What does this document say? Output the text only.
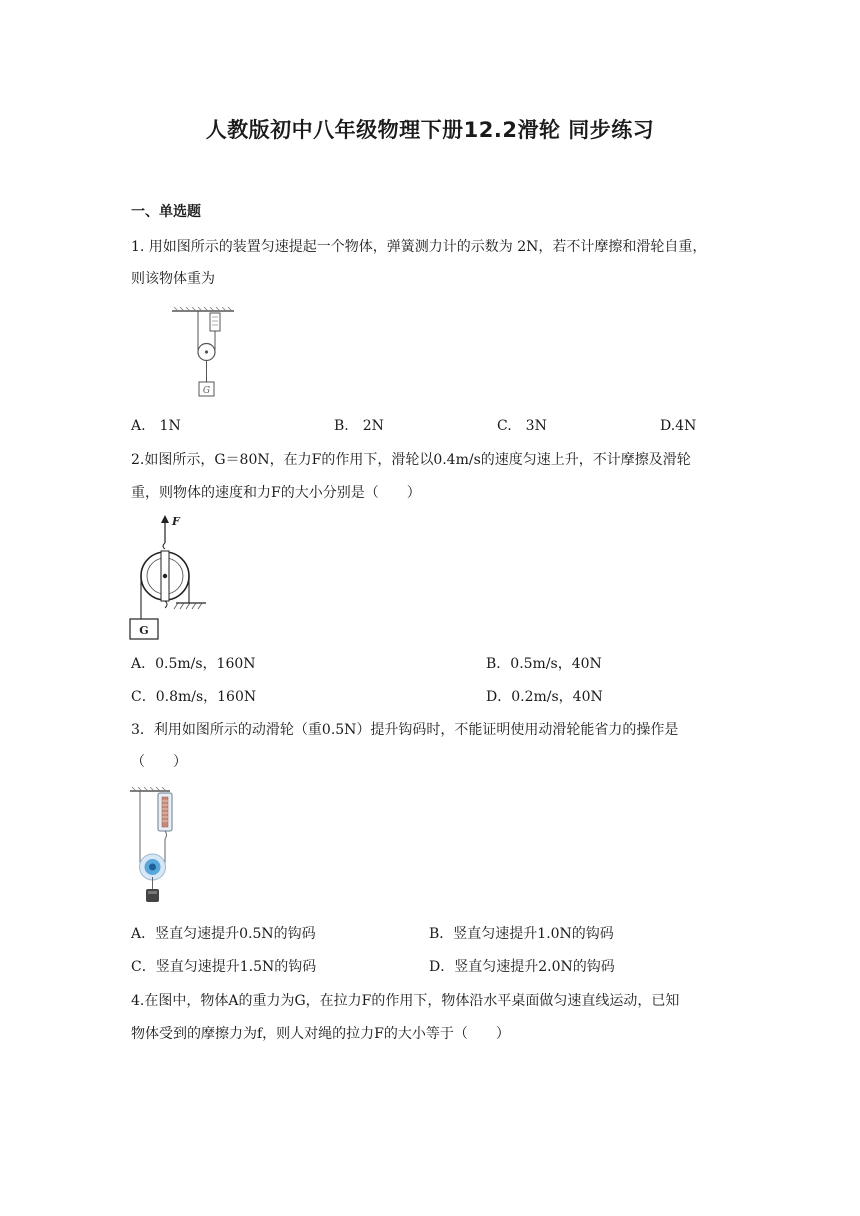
人教版初中八年级物理下册12.2滑轮 同步练习
一、单选题
1. 用如图所示的装置匀速提起一个物体，弹簧测力计的示数为 2N，若不计摩擦和滑轮自重，
则该物体重为
G
A.　1N	B.　2N	C.　3N	D.4N
2.如图所示，G＝80N，在力F的作用下，滑轮以0.4m/s的速度匀速上升，不计摩擦及滑轮
重，则物体的速度和力F的大小分别是（　　）
F
G
A．0.5m/s，160N	B．0.5m/s，40N
C．0.8m/s，160N	D．0.2m/s，40N
3．利用如图所示的动滑轮（重0.5N）提升钩码时，不能证明使用动滑轮能省力的操作是
（　　）
A．竖直匀速提升0.5N的钩码	B．竖直匀速提升1.0N的钩码
C．竖直匀速提升1.5N的钩码	D．竖直匀速提升2.0N的钩码
4.在图中，物体A的重力为G，在拉力F的作用下，物体沿水平桌面做匀速直线运动，已知
物体受到的摩擦力为f，则人对绳的拉力F的大小等于（　　）
